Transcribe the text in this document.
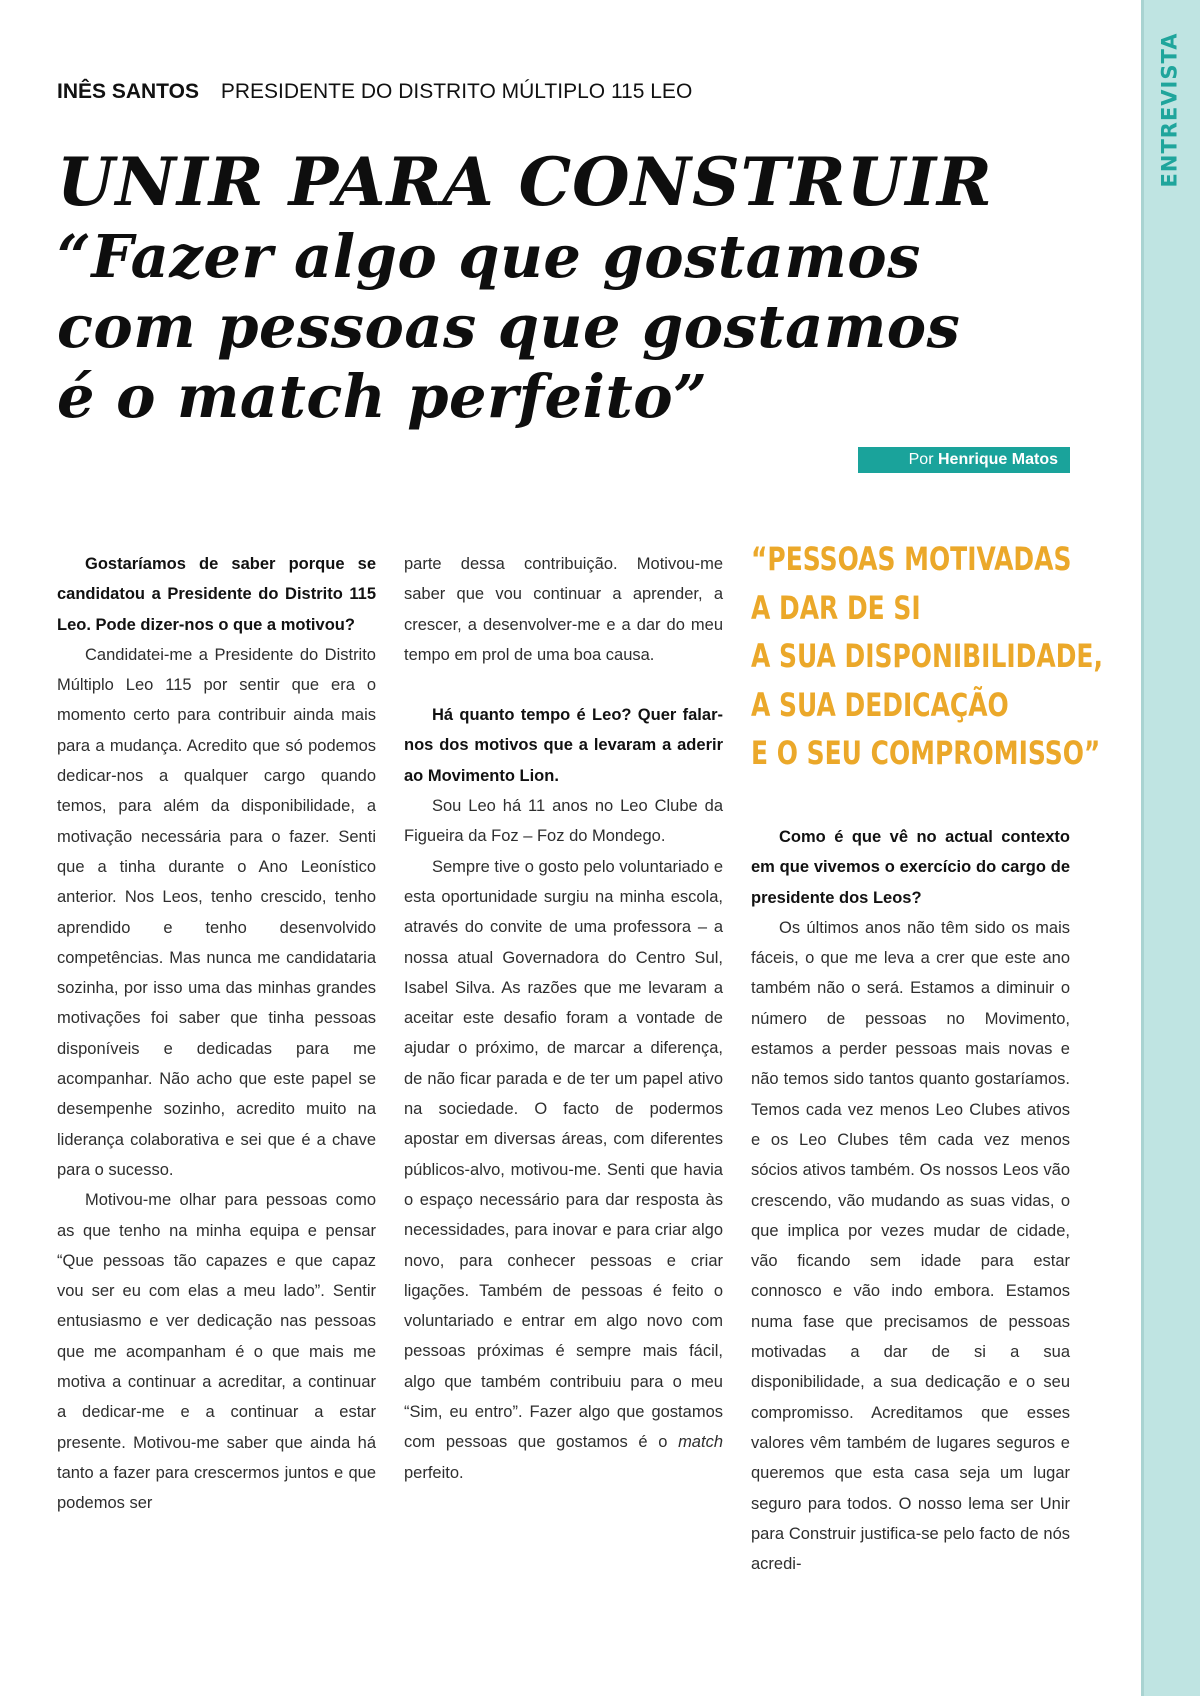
ENTREVISTA
INÊS SANTOS PRESIDENTE DO DISTRITO MÚLTIPLO 115 LEO
UNIR PARA CONSTRUIR
“Fazer algo que gostamos
com pessoas que gostamos
é o match perfeito”
Por Henrique Matos

Gostaríamos de saber porque se candidatou a Presidente do Distrito 115 Leo. Pode dizer-nos o que a motivou?

Candidatei-me a Presidente do Distrito Múltiplo Leo 115 por sentir que era o momento certo para contribuir ainda mais para a mudança. Acredito que só podemos dedicar-nos a qualquer cargo quando temos, para além da disponibilidade, a motivação necessária para o fazer. Senti que a tinha durante o Ano Leonístico anterior. Nos Leos, tenho crescido, tenho aprendido e tenho desenvolvido competências. Mas nunca me candidataria sozinha, por isso uma das minhas grandes motivações foi saber que tinha pessoas disponíveis e dedicadas para me acompanhar. Não acho que este papel se desempenhe sozinho, acredito muito na liderança colaborativa e sei que é a chave para o sucesso.

Motivou-me olhar para pessoas como as que tenho na minha equipa e pensar “Que pessoas tão capazes e que capaz vou ser eu com elas a meu lado”. Sentir entusiasmo e ver dedicação nas pessoas que me acompanham é o que mais me motiva a continuar a acreditar, a continuar a dedicar-me e a continuar a estar presente. Motivou-me saber que ainda há tanto a fazer para crescermos juntos e que podemos ser

parte dessa contribuição. Motivou-me saber que vou continuar a aprender, a crescer, a desenvolver-me e a dar do meu tempo em prol de uma boa causa.

Há quanto tempo é Leo? Quer falar-nos dos motivos que a levaram a aderir ao Movimento Lion.

Sou Leo há 11 anos no Leo Clube da Figueira da Foz – Foz do Mondego.

Sempre tive o gosto pelo voluntariado e esta oportunidade surgiu na minha escola, através do convite de uma professora – a nossa atual Governadora do Centro Sul, Isabel Silva. As razões que me levaram a aceitar este desafio foram a vontade de ajudar o próximo, de marcar a diferença, de não ficar parada e de ter um papel ativo na sociedade. O facto de podermos apostar em diversas áreas, com diferentes públicos-alvo, motivou-me. Senti que havia o espaço necessário para dar resposta às necessidades, para inovar e para criar algo novo, para conhecer pessoas e criar ligações. Também de pessoas é feito o voluntariado e entrar em algo novo com pessoas próximas é sempre mais fácil, algo que também contribuiu para o meu “Sim, eu entro”. Fazer algo que gostamos com pessoas que gostamos é o match perfeito.

“PESSOAS MOTIVADAS
A DAR DE SI
A SUA DISPONIBILIDADE,
A SUA DEDICAÇÃO
E O SEU COMPROMISSO”

Como é que vê no actual contexto em que vivemos o exercício do cargo de presidente dos Leos?

Os últimos anos não têm sido os mais fáceis, o que me leva a crer que este ano também não o será. Estamos a diminuir o número de pessoas no Movimento, estamos a perder pessoas mais novas e não temos sido tantos quanto gostaríamos. Temos cada vez menos Leo Clubes ativos e os Leo Clubes têm cada vez menos sócios ativos também. Os nossos Leos vão crescendo, vão mudando as suas vidas, o que implica por vezes mudar de cidade, vão ficando sem idade para estar connosco e vão indo embora. Estamos numa fase que precisamos de pessoas motivadas a dar de si a sua disponibilidade, a sua dedicação e o seu compromisso. Acreditamos que esses valores vêm também de lugares seguros e queremos que esta casa seja um lugar seguro para todos. O nosso lema ser Unir para Construir justifica-se pelo facto de nós acredi-
